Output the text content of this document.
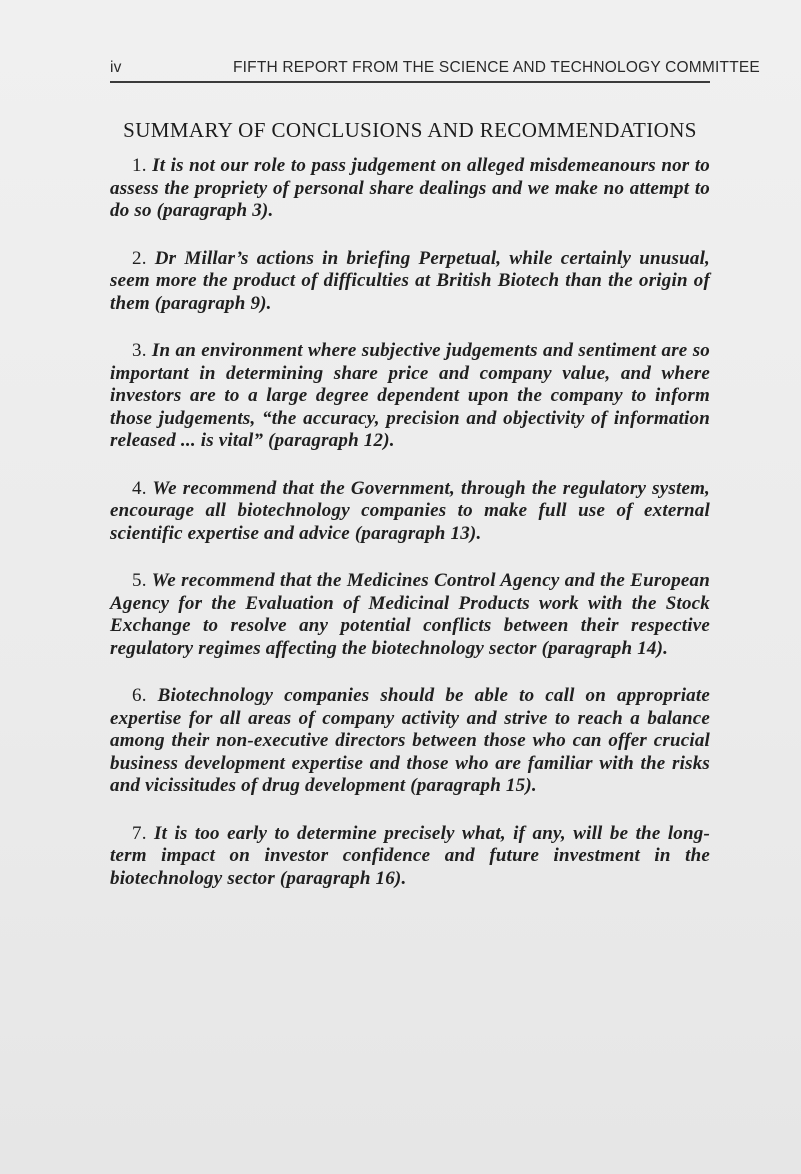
iv	FIFTH REPORT FROM THE SCIENCE AND TECHNOLOGY COMMITTEE
SUMMARY OF CONCLUSIONS AND RECOMMENDATIONS

1. It is not our role to pass judgement on alleged misdemeanours nor to assess the propriety of personal share dealings and we make no attempt to do so (paragraph 3).

2. Dr Millar’s actions in briefing Perpetual, while certainly unusual, seem more the product of difficulties at British Biotech than the origin of them (paragraph 9).

3. In an environment where subjective judgements and sentiment are so important in determining share price and company value, and where investors are to a large degree dependent upon the company to inform those judgements, “the accuracy, precision and objectivity of information released ... is vital” (paragraph 12).

4. We recommend that the Government, through the regulatory system, encourage all biotechnology companies to make full use of external scientific expertise and advice (paragraph 13).

5. We recommend that the Medicines Control Agency and the European Agency for the Evaluation of Medicinal Products work with the Stock Exchange to resolve any potential conflicts between their respective regulatory regimes affecting the biotechnology sector (paragraph 14).

6. Biotechnology companies should be able to call on appropriate expertise for all areas of company activity and strive to reach a balance among their non-executive directors between those who can offer crucial business development expertise and those who are familiar with the risks and vicissitudes of drug development (paragraph 15).

7. It is too early to determine precisely what, if any, will be the long-term impact on investor confidence and future investment in the biotechnology sector (paragraph 16).
